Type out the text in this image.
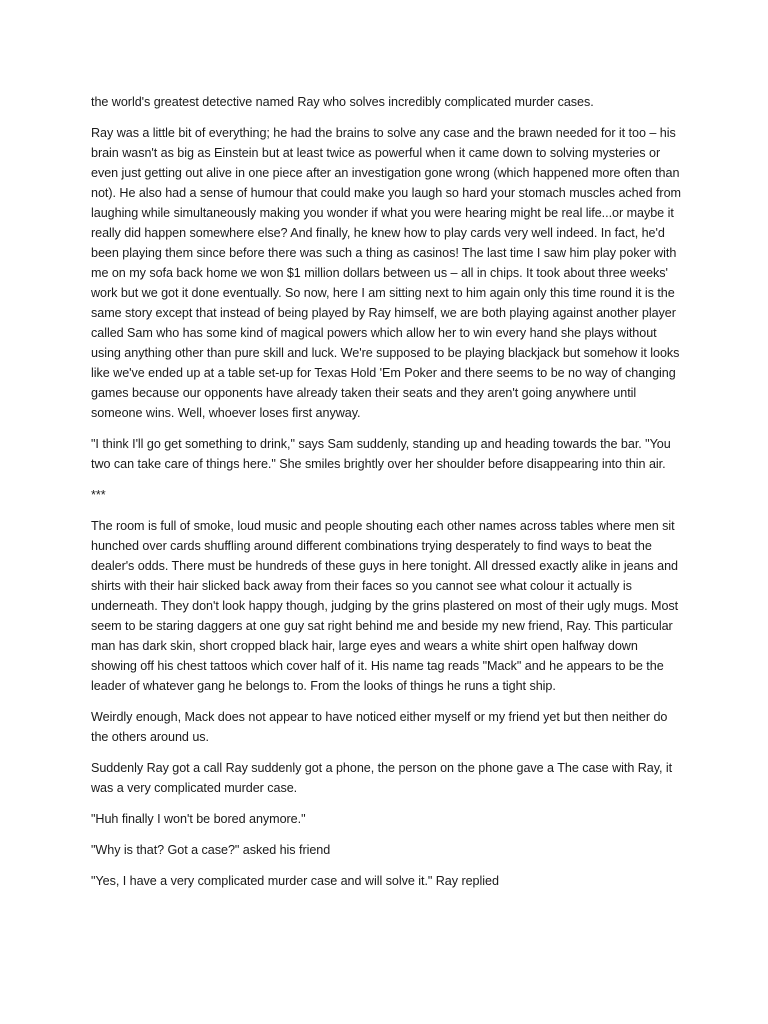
the world's greatest detective named Ray who solves incredibly complicated murder cases.

Ray was a little bit of everything; he had the brains to solve any case and the brawn needed for it too – his brain wasn't as big as Einstein but at least twice as powerful when it came down to solving mysteries or even just getting out alive in one piece after an investigation gone wrong (which happened more often than not). He also had a sense of humour that could make you laugh so hard your stomach muscles ached from laughing while simultaneously making you wonder if what you were hearing might be real life...or maybe it really did happen somewhere else? And finally, he knew how to play cards very well indeed. In fact, he'd been playing them since before there was such a thing as casinos! The last time I saw him play poker with me on my sofa back home we won $1 million dollars between us – all in chips. It took about three weeks' work but we got it done eventually. So now, here I am sitting next to him again only this time round it is the same story except that instead of being played by Ray himself, we are both playing against another player called Sam who has some kind of magical powers which allow her to win every hand she plays without using anything other than pure skill and luck. We're supposed to be playing blackjack but somehow it looks like we've ended up at a table set-up for Texas Hold 'Em Poker and there seems to be no way of changing games because our opponents have already taken their seats and they aren't going anywhere until someone wins. Well, whoever loses first anyway.

"I think I'll go get something to drink," says Sam suddenly, standing up and heading towards the bar. "You two can take care of things here." She smiles brightly over her shoulder before disappearing into thin air.

***

The room is full of smoke, loud music and people shouting each other names across tables where men sit hunched over cards shuffling around different combinations trying desperately to find ways to beat the dealer's odds. There must be hundreds of these guys in here tonight. All dressed exactly alike in jeans and shirts with their hair slicked back away from their faces so you cannot see what colour it actually is underneath. They don't look happy though, judging by the grins plastered on most of their ugly mugs. Most seem to be staring daggers at one guy sat right behind me and beside my new friend, Ray. This particular man has dark skin, short cropped black hair, large eyes and wears a white shirt open halfway down showing off his chest tattoos which cover half of it. His name tag reads "Mack" and he appears to be the leader of whatever gang he belongs to. From the looks of things he runs a tight ship.

Weirdly enough, Mack does not appear to have noticed either myself or my friend yet but then neither do the others around us.

Suddenly Ray got a call Ray suddenly got a phone, the person on the phone gave a The case with Ray, it was a very complicated murder case.

"Huh finally I won't be bored anymore."

"Why is that? Got a case?" asked his friend

"Yes, I have a very complicated murder case and will solve it." Ray replied
